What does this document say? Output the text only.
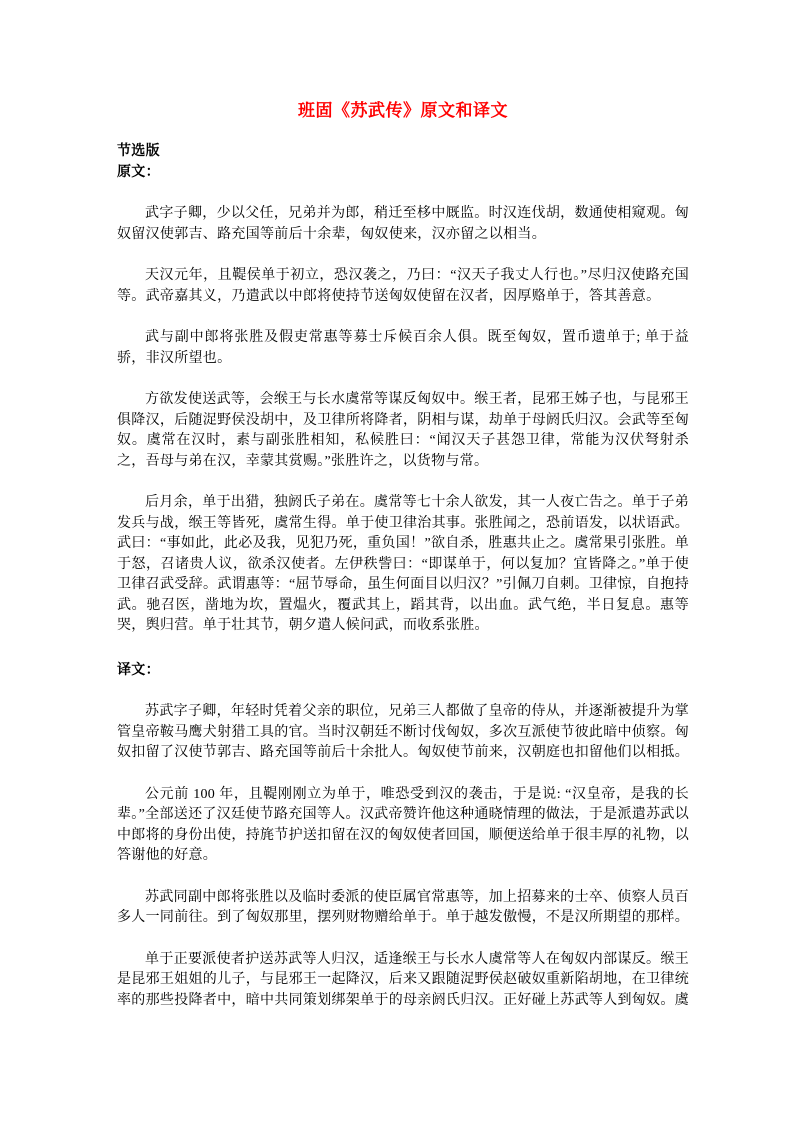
班固《苏武传》原文和译文

节选版

原文：

武字子卿，少以父任，兄弟并为郎，稍迁至栘中厩监。时汉连伐胡，数通使相窥观。匈奴留汉使郭吉、路充国等前后十余辈，匈奴使来，汉亦留之以相当。

天汉元年，且鞮侯单于初立，恐汉袭之，乃曰：“汉天子我丈人行也。”尽归汉使路充国等。武帝嘉其义，乃遣武以中郎将使持节送匈奴使留在汉者，因厚赂单于，答其善意。

武与副中郎将张胜及假吏常惠等募士斥候百余人俱。既至匈奴，置币遗单于; 单于益骄，非汉所望也。

方欲发使送武等，会缑王与长水虞常等谋反匈奴中。缑王者，昆邪王姊子也，与昆邪王俱降汉，后随浞野侯没胡中，及卫律所将降者，阴相与谋，劫单于母阏氏归汉。会武等至匈奴。虞常在汉时，素与副张胜相知，私候胜曰：“闻汉天子甚怨卫律，常能为汉伏弩射杀之，吾母与弟在汉，幸蒙其赏赐。”张胜许之，以货物与常。

后月余，单于出猎，独阏氏子弟在。虞常等七十余人欲发，其一人夜亡告之。单于子弟发兵与战，缑王等皆死，虞常生得。单于使卫律治其事。张胜闻之，恐前语发，以状语武。武曰：“事如此，此必及我，见犯乃死，重负国！”欲自杀，胜惠共止之。虞常果引张胜。单于怒，召诸贵人议，欲杀汉使者。左伊秩訾曰：“即谋单于，何以复加？宜皆降之。”单于使卫律召武受辞。武谓惠等：“屈节辱命，虽生何面目以归汉？”引佩刀自刺。卫律惊，自抱持武。驰召医，凿地为坎，置煴火，覆武其上，蹈其背，以出血。武气绝，半日复息。惠等哭，舆归营。单于壮其节，朝夕遣人候问武，而收系张胜。

译文：

苏武字子卿，年轻时凭着父亲的职位，兄弟三人都做了皇帝的侍从，并逐渐被提升为掌管皇帝鞍马鹰犬射猎工具的官。当时汉朝廷不断讨伐匈奴，多次互派使节彼此暗中侦察。匈奴扣留了汉使节郭吉、路充国等前后十余批人。匈奴使节前来，汉朝庭也扣留他们以相抵。

公元前 100 年，且鞮刚刚立为单于，唯恐受到汉的袭击，于是说: “汉皇帝，是我的长辈。”全部送还了汉廷使节路充国等人。汉武帝赞许他这种通晓情理的做法，于是派遣苏武以中郎将的身份出使，持旄节护送扣留在汉的匈奴使者回国，顺便送给单于很丰厚的礼物，以答谢他的好意。

苏武同副中郎将张胜以及临时委派的使臣属官常惠等，加上招募来的士卒、侦察人员百多人一同前往。到了匈奴那里，摆列财物赠给单于。单于越发傲慢，不是汉所期望的那样。

单于正要派使者护送苏武等人归汉，适逢缑王与长水人虞常等人在匈奴内部谋反。缑王是昆邪王姐姐的儿子，与昆邪王一起降汉，后来又跟随浞野侯赵破奴重新陷胡地，在卫律统率的那些投降者中，暗中共同策划绑架单于的母亲阏氏归汉。正好碰上苏武等人到匈奴。虞
